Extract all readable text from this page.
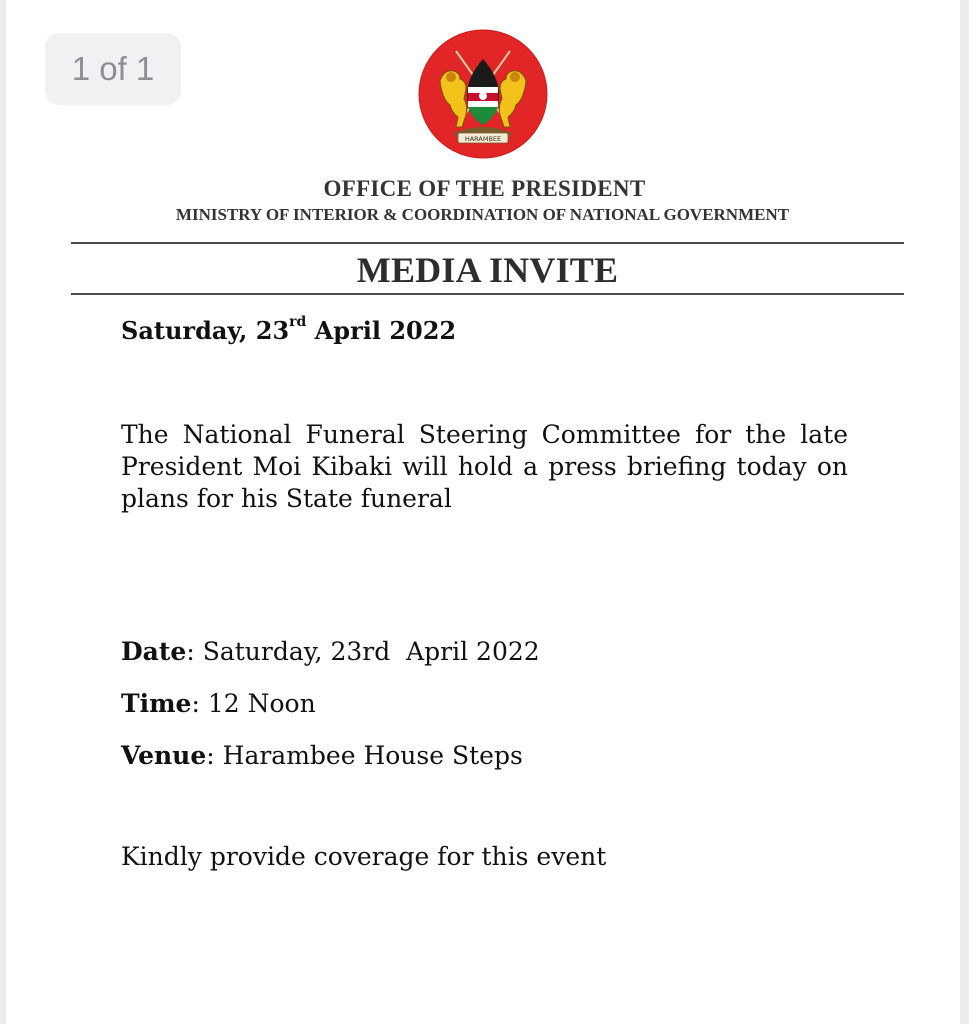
1 of 1
HARAMBEE
OFFICE OF THE PRESIDENT
MINISTRY OF INTERIOR & COORDINATION OF NATIONAL GOVERNMENT
MEDIA INVITE
Saturday, 23rd April 2022
The National Funeral Steering Committee for the late President Moi Kibaki will hold a press briefing today on plans for his State funeral
Date: Saturday, 23rd  April 2022
Time: 12 Noon
Venue: Harambee House Steps
Kindly provide coverage for this event
